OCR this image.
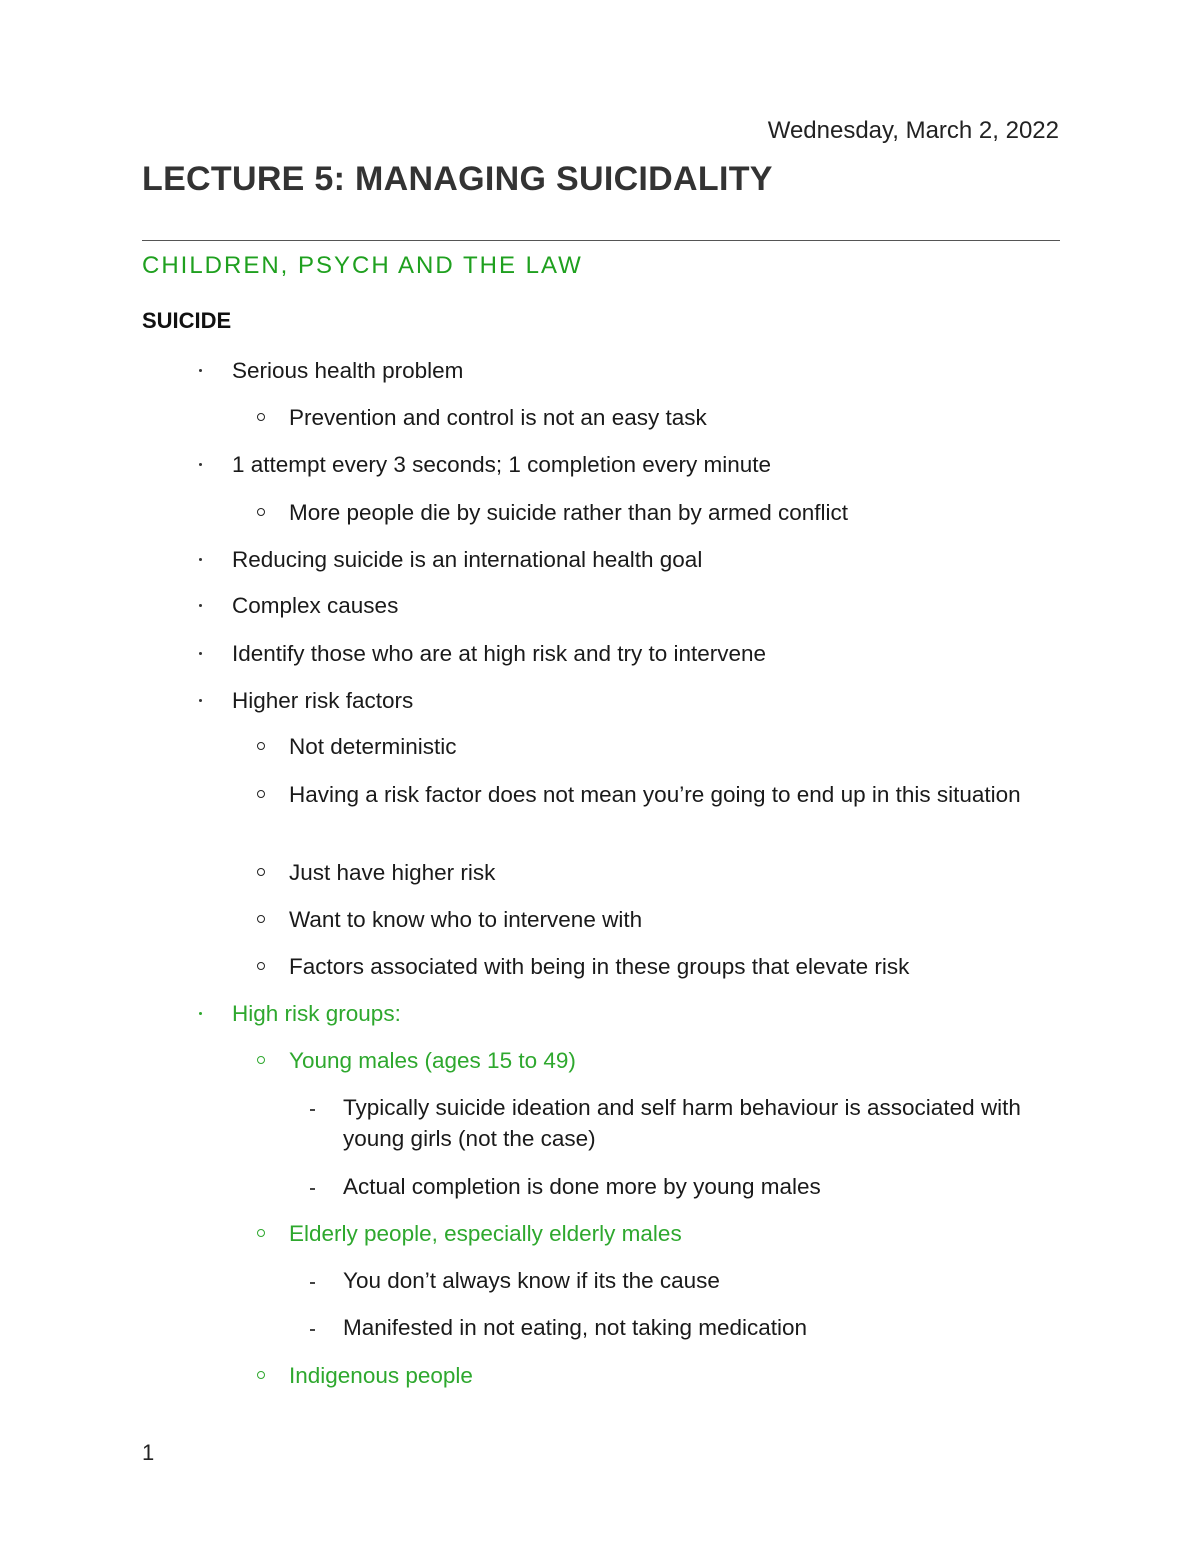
Wednesday, March 2, 2022
LECTURE 5: MANAGING SUICIDALITY
CHILDREN, PSYCH AND THE LAW
SUICIDE
Serious health problem
Prevention and control is not an easy task
1 attempt every 3 seconds; 1 completion every minute
More people die by suicide rather than by armed conflict
Reducing suicide is an international health goal
Complex causes
Identify those who are at high risk and try to intervene
Higher risk factors
Not deterministic
Having a risk factor does not mean you’re going to end up in this situation
Just have higher risk
Want to know who to intervene with
Factors associated with being in these groups that elevate risk
High risk groups:
Young males (ages 15 to 49)
Typically suicide ideation and self harm behaviour is associated with young girls (not the case)
Actual completion is done more by young males
Elderly people, especially elderly males
You don’t always know if its the cause
Manifested in not eating, not taking medication
Indigenous people
1
